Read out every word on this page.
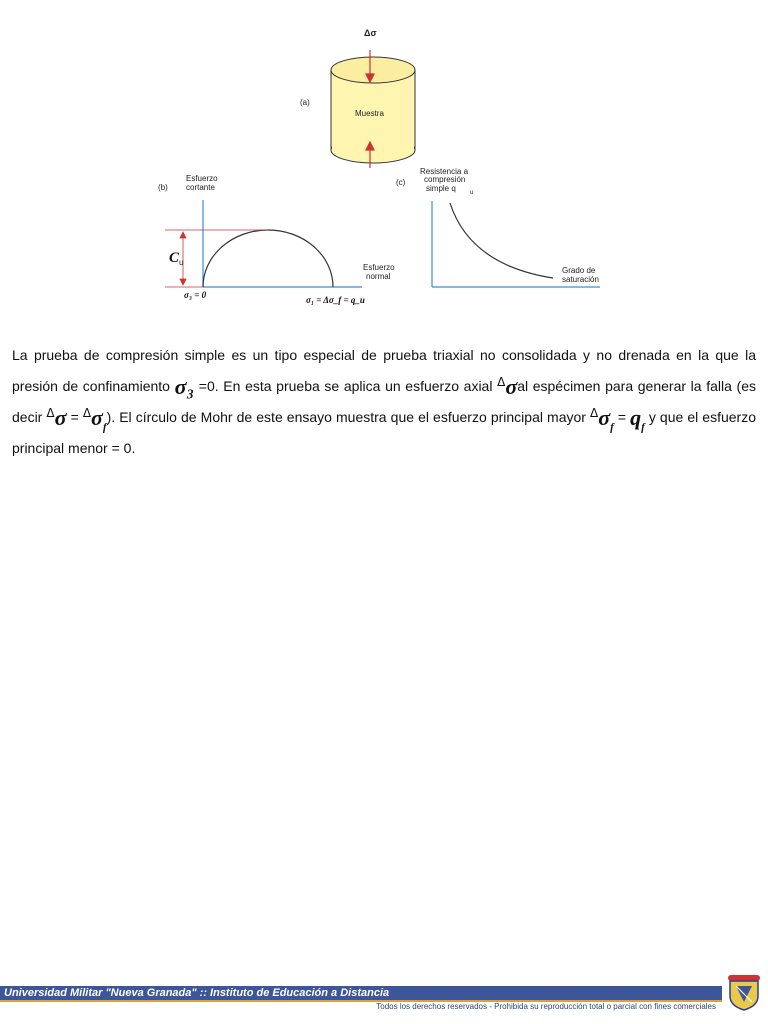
Δσ
(a)
Muestra
(b)
Esfuerzo
cortante
Esfuerzo
normal
C u
σ₃ = 0	σ₁ = Δσ_f = q_u
(c)
Resistencia a
compresión
simple q u
Grado de
saturación
La prueba de compresión simple es un tipo especial de prueba triaxial no consolidada y no drenada en la que la presión de confinamiento σ₃ =0. En esta prueba se aplica un esfuerzo axial $^\Delta$σal espécimen para generar la falla (es decir $^\Delta\sigma = ^\Delta\sigma_f$). El círculo de Mohr de este ensayo muestra que el esfuerzo principal mayor $^\Delta\sigma_f = q_f$ y que el esfuerzo principal menor = 0.
Universidad Militar "Nueva Granada" :: Instituto de Educación a Distancia
Todos los derechos reservados - Prohibida su reproducción total o parcial con fines comerciales
